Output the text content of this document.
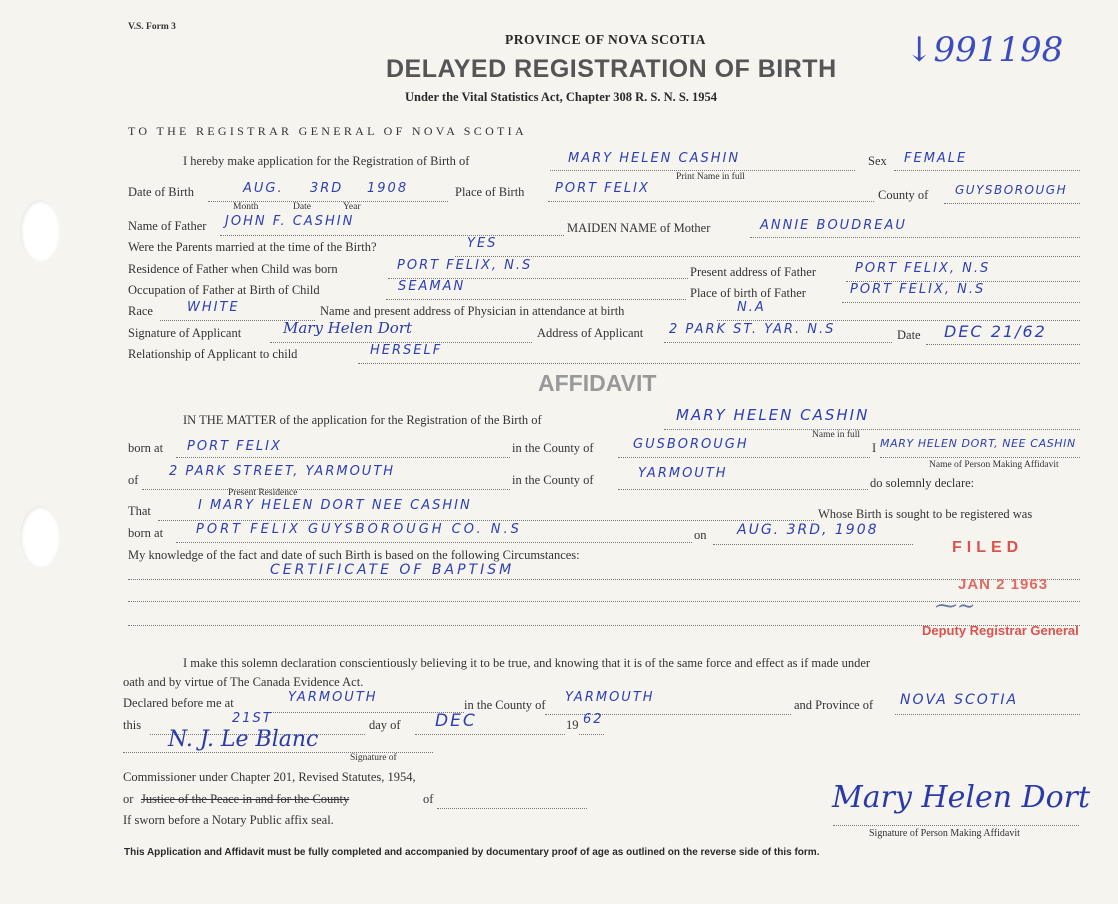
V.S. Form 3
PROVINCE OF NOVA SCOTIA
DELAYED REGISTRATION OF BIRTH
Under the Vital Statistics Act, Chapter 308 R. S. N. S. 1954
↓991198
TO THE REGISTRAR GENERAL OF NOVA SCOTIA
I hereby make application for the Registration of Birth of	MARY HELEN CASHIN
Print Name in full
Sex FEMALE
Date of Birth	AUG. 3RD 1908
Month	Date	Year
Place of Birth PORT FELIX	County of GUYSBOROUGH
Name of Father JOHN F. CASHIN	MAIDEN NAME of Mother	ANNIE BOUDREAU
Were the Parents married at the time of the Birth?	YES
Residence of Father when Child was born	PORT FELIX, N.S	Present address of Father	PORT FELIX, N.S
Occupation of Father at Birth of Child	SEAMAN	Place of birth of Father	PORT FELIX, N.S
Race	WHITE	Name and present address of Physician in attendance at birth	N.A
Signature of Applicant	Mary Helen Dort	Address of Applicant 2 PARK ST. YAR. N.S	Date DEC 21/62
Relationship of Applicant to child	HERSELF
AFFIDAVIT
IN THE MATTER of the application for the Registration of the Birth of	MARY HELEN CASHIN
Name in full
born at PORT FELIX	in the County of	GUSBOROUGH	I MARY HELEN DORT, NEE CASHIN
Name of Person Making Affidavit
of
2 PARK STREET, YARMOUTH
Present Residence
in the County of	YARMOUTH
do solemnly declare:
That	I MARY HELEN DORT NEE CASHIN
Whose Birth is sought to be registered was
born at	PORT FELIX GUYSBOROUGH CO. N.S	on AUG. 3RD, 1908
My knowledge of the fact and date of such Birth is based on the following Circumstances:
CERTIFICATE OF BAPTISM
FILED
JAN 2 1963
⁓∼
Deputy Registrar General
I make this solemn declaration conscientiously believing it to be true, and knowing that it is of the same force and effect as if made under
oath and by virtue of The Canada Evidence Act.
Declared before me at	YARMOUTH	in the County of YARMOUTH	and Province of NOVA SCOTIA
this	21ST	day of DEC	19 62
N. J. Le Blanc
Signature of
Commissioner under Chapter 201, Revised Statutes, 1954,
or Justice of the Peace in and for the County	of
If sworn before a Notary Public affix seal.
Mary Helen Dort
Signature of Person Making Affidavit
This Application and Affidavit must be fully completed and accompanied by documentary proof of age as outlined on the reverse side of this form.
